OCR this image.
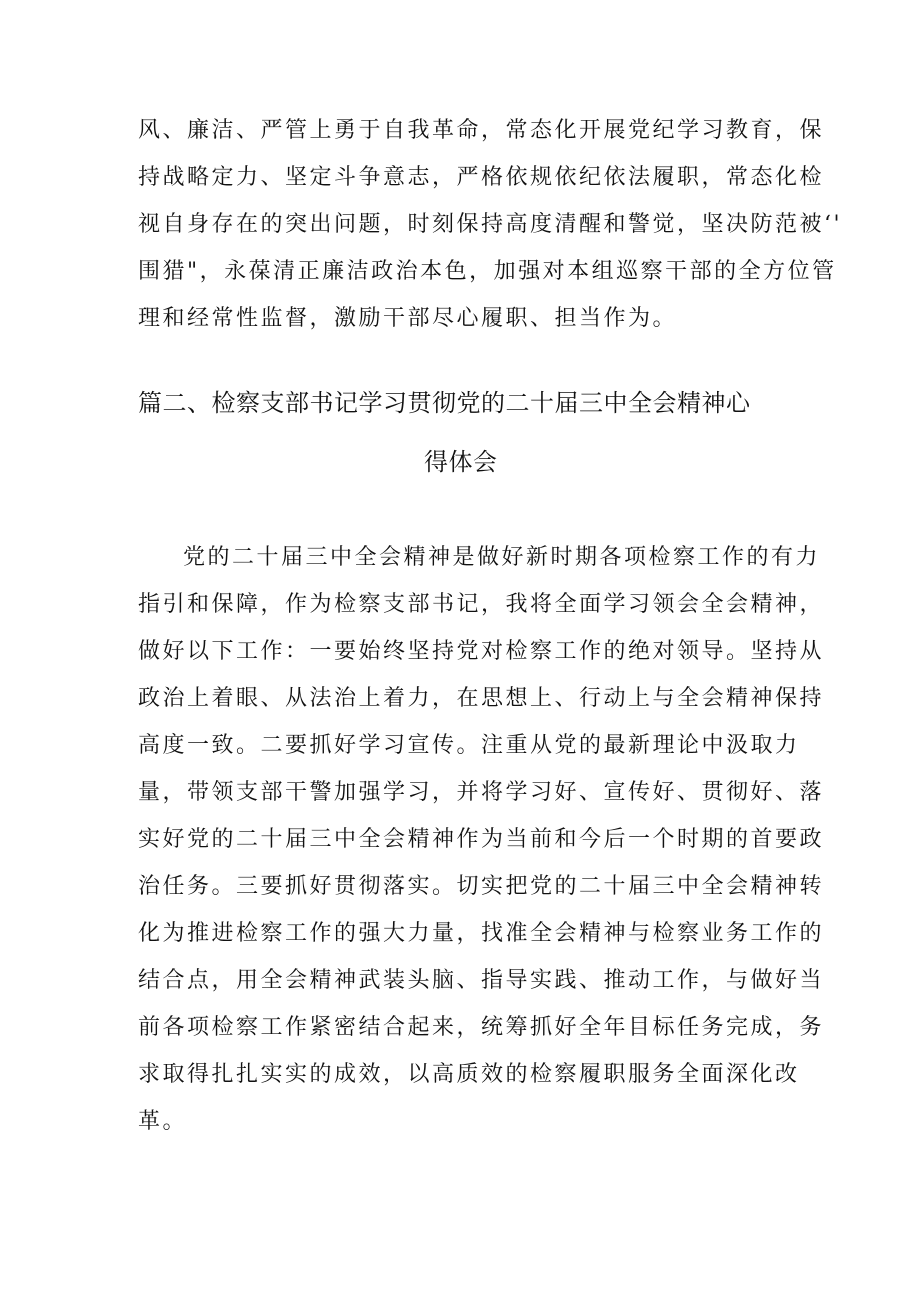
风、廉洁、严管上勇于自我革命，常态化开展党纪学习教育，保
持战略定力、坚定斗争意志，严格依规依纪依法履职，常态化检
视自身存在的突出问题，时刻保持高度清醒和警觉，坚决防范被‘'
围猎"，永葆清正廉洁政治本色，加强对本组巡察干部的全方位管
理和经常性监督，激励干部尽心履职、担当作为。
篇二、检察支部书记学习贯彻党的二十届三中全会精神心
得体会
党的二十届三中全会精神是做好新时期各项检察工作的有力
指引和保障，作为检察支部书记，我将全面学习领会全会精神，
做好以下工作：一要始终坚持党对检察工作的绝对领导。坚持从
政治上着眼、从法治上着力，在思想上、行动上与全会精神保持
高度一致。二要抓好学习宣传。注重从党的最新理论中汲取力
量，带领支部干警加强学习，并将学习好、宣传好、贯彻好、落
实好党的二十届三中全会精神作为当前和今后一个时期的首要政
治任务。三要抓好贯彻落实。切实把党的二十届三中全会精神转
化为推进检察工作的强大力量，找准全会精神与检察业务工作的
结合点，用全会精神武装头脑、指导实践、推动工作，与做好当
前各项检察工作紧密结合起来，统筹抓好全年目标任务完成，务
求取得扎扎实实的成效，以高质效的检察履职服务全面深化改
革。
